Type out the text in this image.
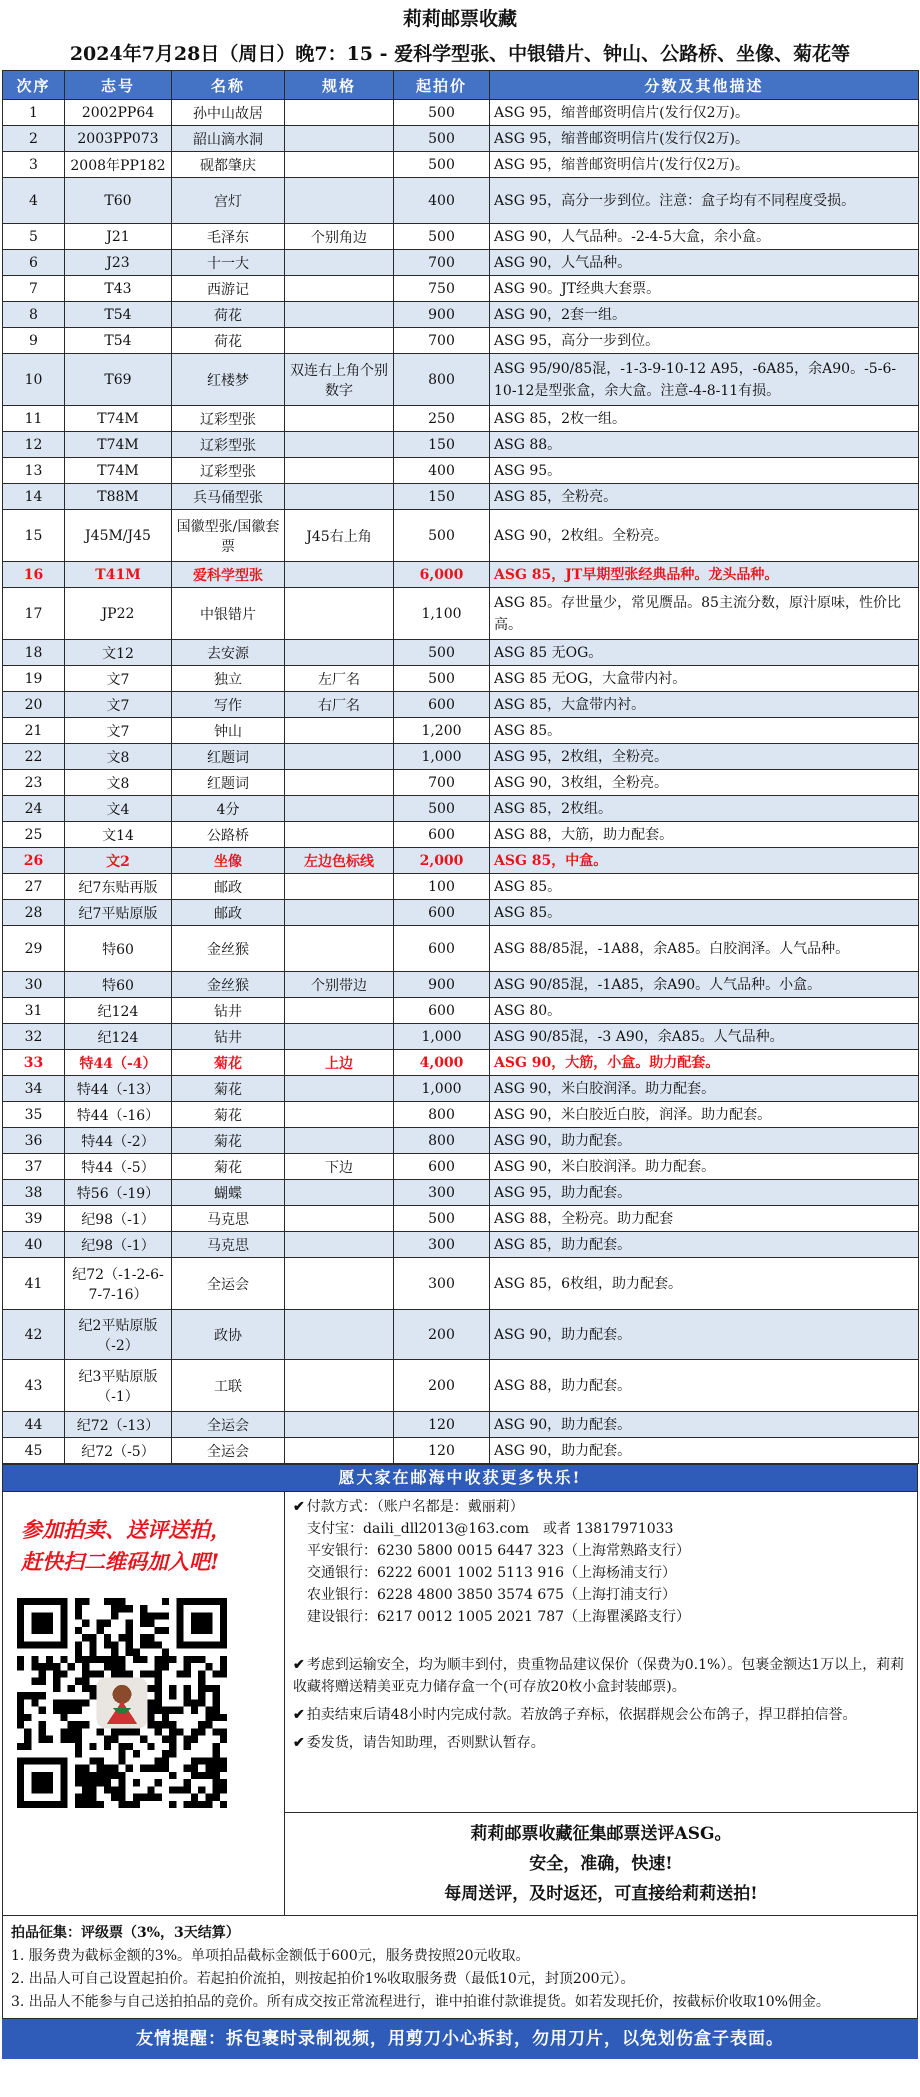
莉莉邮票收藏
2024年7月28日（周日）晚7：15 - 爱科学型张、中银错片、钟山、公路桥、坐像、菊花等
次序	志号	名称	规格	起拍价	分数及其他描述
1	2002PP64	孙中山故居		500	ASG 95，缩普邮资明信片(发行仅2万)。
2	2003PP073	韶山滴水洞		500	ASG 95，缩普邮资明信片(发行仅2万)。
3	2008年PP182	砚都肇庆		500	ASG 95，缩普邮资明信片(发行仅2万)。
4	T60	宫灯		400	ASG 95，高分一步到位。注意：盒子均有不同程度受损。
5	J21	毛泽东	个别角边	500	ASG 90，人气品种。-2-4-5大盒，余小盒。
6	J23	十一大		700	ASG 90，人气品种。
7	T43	西游记		750	ASG 90。JT经典大套票。
8	T54	荷花		900	ASG 90，2套一组。
9	T54	荷花		700	ASG 95，高分一步到位。
10	T69	红楼梦	双连右上角个别数字	800	ASG 95/90/85混，-1-3-9-10-12 A95，-6A85，余A90。-5-6-10-12是型张盒，余大盒。注意-4-8-11有损。
11	T74M	辽彩型张		250	ASG 85，2枚一组。
12	T74M	辽彩型张		150	ASG 88。
13	T74M	辽彩型张		400	ASG 95。
14	T88M	兵马俑型张		150	ASG 85，全粉亮。
15	J45M/J45	国徽型张/国徽套票	J45右上角	500	ASG 90，2枚组。全粉亮。
16	T41M	爱科学型张		6,000	ASG 85，JT早期型张经典品种。龙头品种。
17	JP22	中银错片		1,100	ASG 85。存世量少，常见赝品。85主流分数，原汁原味，性价比高。
18	文12	去安源		500	ASG 85 无OG。
19	文7	独立	左厂名	500	ASG 85 无OG，大盒带内衬。
20	文7	写作	右厂名	600	ASG 85，大盒带内衬。
21	文7	钟山		1,200	ASG 85。
22	文8	红题词		1,000	ASG 95，2枚组，全粉亮。
23	文8	红题词		700	ASG 90，3枚组，全粉亮。
24	文4	4分		500	ASG 85，2枚组。
25	文14	公路桥		600	ASG 88，大筋，助力配套。
26	文2	坐像	左边色标线	2,000	ASG 85，中盒。
27	纪7东贴再版	邮政		100	ASG 85。
28	纪7平贴原版	邮政		600	ASG 85。
29	特60	金丝猴		600	ASG 88/85混，-1A88，余A85。白胶润泽。人气品种。
30	特60	金丝猴	个别带边	900	ASG 90/85混，-1A85，余A90。人气品种。小盒。
31	纪124	钻井		600	ASG 80。
32	纪124	钻井		1,000	ASG 90/85混，-3 A90，余A85。人气品种。
33	特44（-4）	菊花	上边	4,000	ASG 90，大筋，小盒。助力配套。
34	特44（-13）	菊花		1,000	ASG 90，米白胶润泽。助力配套。
35	特44（-16）	菊花		800	ASG 90，米白胶近白胶，润泽。助力配套。
36	特44（-2）	菊花		800	ASG 90，助力配套。
37	特44（-5）	菊花	下边	600	ASG 90，米白胶润泽。助力配套。
38	特56（-19）	蝴蝶		300	ASG 95，助力配套。
39	纪98（-1）	马克思		500	ASG 88，全粉亮。助力配套
40	纪98（-1）	马克思		300	ASG 85，助力配套。
41	纪72（-1-2-6-7-7-16）	全运会		300	ASG 85，6枚组，助力配套。
42	纪2平贴原版（-2）	政协		200	ASG 90，助力配套。
43	纪3平贴原版（-1）	工联		200	ASG 88，助力配套。
44	纪72（-13）	全运会		120	ASG 90，助力配套。
45	纪72（-5）	全运会		120	ASG 90，助力配套。
愿大家在邮海中收获更多快乐!
参加拍卖、送评送拍，
赶快扫二维码加入吧!
✔ 付款方式：（账户名都是：戴丽莉）
支付宝：daili_dll2013@163.com　或者 13817971033
平安银行：6230 5800 0015 6447 323（上海常熟路支行）
交通银行：6222 6001 1002 5113 916（上海杨浦支行）
农业银行：6228 4800 3850 3574 675（上海打浦支行）
建设银行：6217 0012 1005 2021 787（上海瞿溪路支行）
✔ 考虑到运输安全，均为顺丰到付，贵重物品建议保价（保费为0.1%）。包裹金额达1万以上，莉莉收藏将赠送精美亚克力储存盒一个(可存放20枚小盒封装邮票)。
✔ 拍卖结束后请48小时内完成付款。若放鸽子弃标，依据群规会公布鸽子，捍卫群拍信誉。
✔ 委发货，请告知助理，否则默认暂存。
莉莉邮票收藏征集邮票送评ASG。
安全，准确，快速!
每周送评，及时返还，可直接给莉莉送拍!
拍品征集：评级票（3%，3天结算）
1. 服务费为截标金额的3%。单项拍品截标金额低于600元，服务费按照20元收取。
2. 出品人可自己设置起拍价。若起拍价流拍，则按起拍价1%收取服务费（最低10元，封顶200元）。
3. 出品人不能参与自己送拍拍品的竞价。所有成交按正常流程进行，谁中拍谁付款谁提货。如若发现托价，按截标价收取10%佣金。
友情提醒：拆包裹时录制视频，用剪刀小心拆封，勿用刀片，以免划伤盒子表面。
